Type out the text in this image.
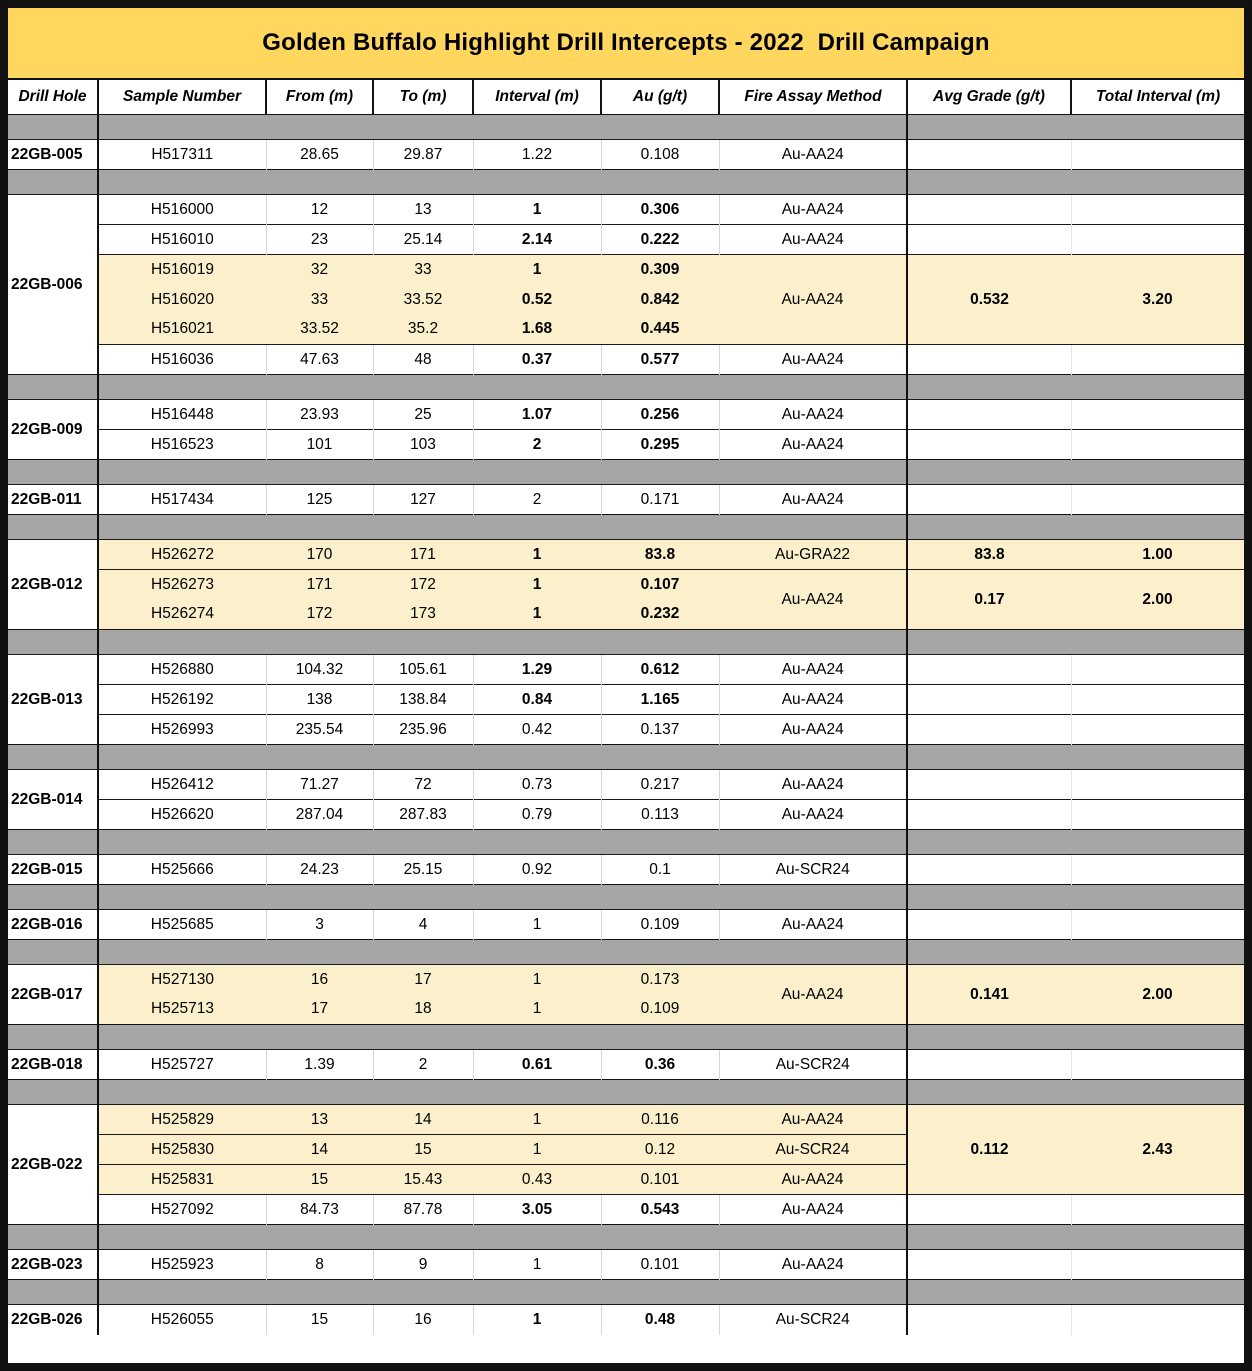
Golden Buffalo Highlight Drill Intercepts - 2022  Drill Campaign
Drill Hole	Sample Number	From (m)	To (m)	Interval (m)	Au (g/t)	Fire Assay Method	Avg Grade (g/t)	Total Interval (m)

22GB-005	H517311	28.65	29.87	1.22	0.108	Au-AA24		

22GB-006	H516000	12	13	1	0.306	Au-AA24		
	H516010	23	25.14	2.14	0.222	Au-AA24		
	H516019	32	33	1	0.309	Au-AA24	0.532	3.20
	H516020	33	33.52	0.52	0.842			
	H516021	33.52	35.2	1.68	0.445			
	H516036	47.63	48	0.37	0.577	Au-AA24		

22GB-009	H516448	23.93	25	1.07	0.256	Au-AA24		
	H516523	101	103	2	0.295	Au-AA24		

22GB-011	H517434	125	127	2	0.171	Au-AA24		

22GB-012	H526272	170	171	1	83.8	Au-GRA22	83.8	1.00
	H526273	171	172	1	0.107	Au-AA24	0.17	2.00
	H526274	172	173	1	0.232			

22GB-013	H526880	104.32	105.61	1.29	0.612	Au-AA24		
	H526192	138	138.84	0.84	1.165	Au-AA24		
	H526993	235.54	235.96	0.42	0.137	Au-AA24		

22GB-014	H526412	71.27	72	0.73	0.217	Au-AA24		
	H526620	287.04	287.83	0.79	0.113	Au-AA24		

22GB-015	H525666	24.23	25.15	0.92	0.1	Au-SCR24		

22GB-016	H525685	3	4	1	0.109	Au-AA24		

22GB-017	H527130	16	17	1	0.173	Au-AA24	0.141	2.00
	H525713	17	18	1	0.109			

22GB-018	H525727	1.39	2	0.61	0.36	Au-SCR24		

22GB-022	H525829	13	14	1	0.116	Au-AA24	0.112	2.43
	H525830	14	15	1	0.12	Au-SCR24		
	H525831	15	15.43	0.43	0.101	Au-AA24		
	H527092	84.73	87.78	3.05	0.543	Au-AA24		

22GB-023	H525923	8	9	1	0.101	Au-AA24		

22GB-026	H526055	15	16	1	0.48	Au-SCR24		
